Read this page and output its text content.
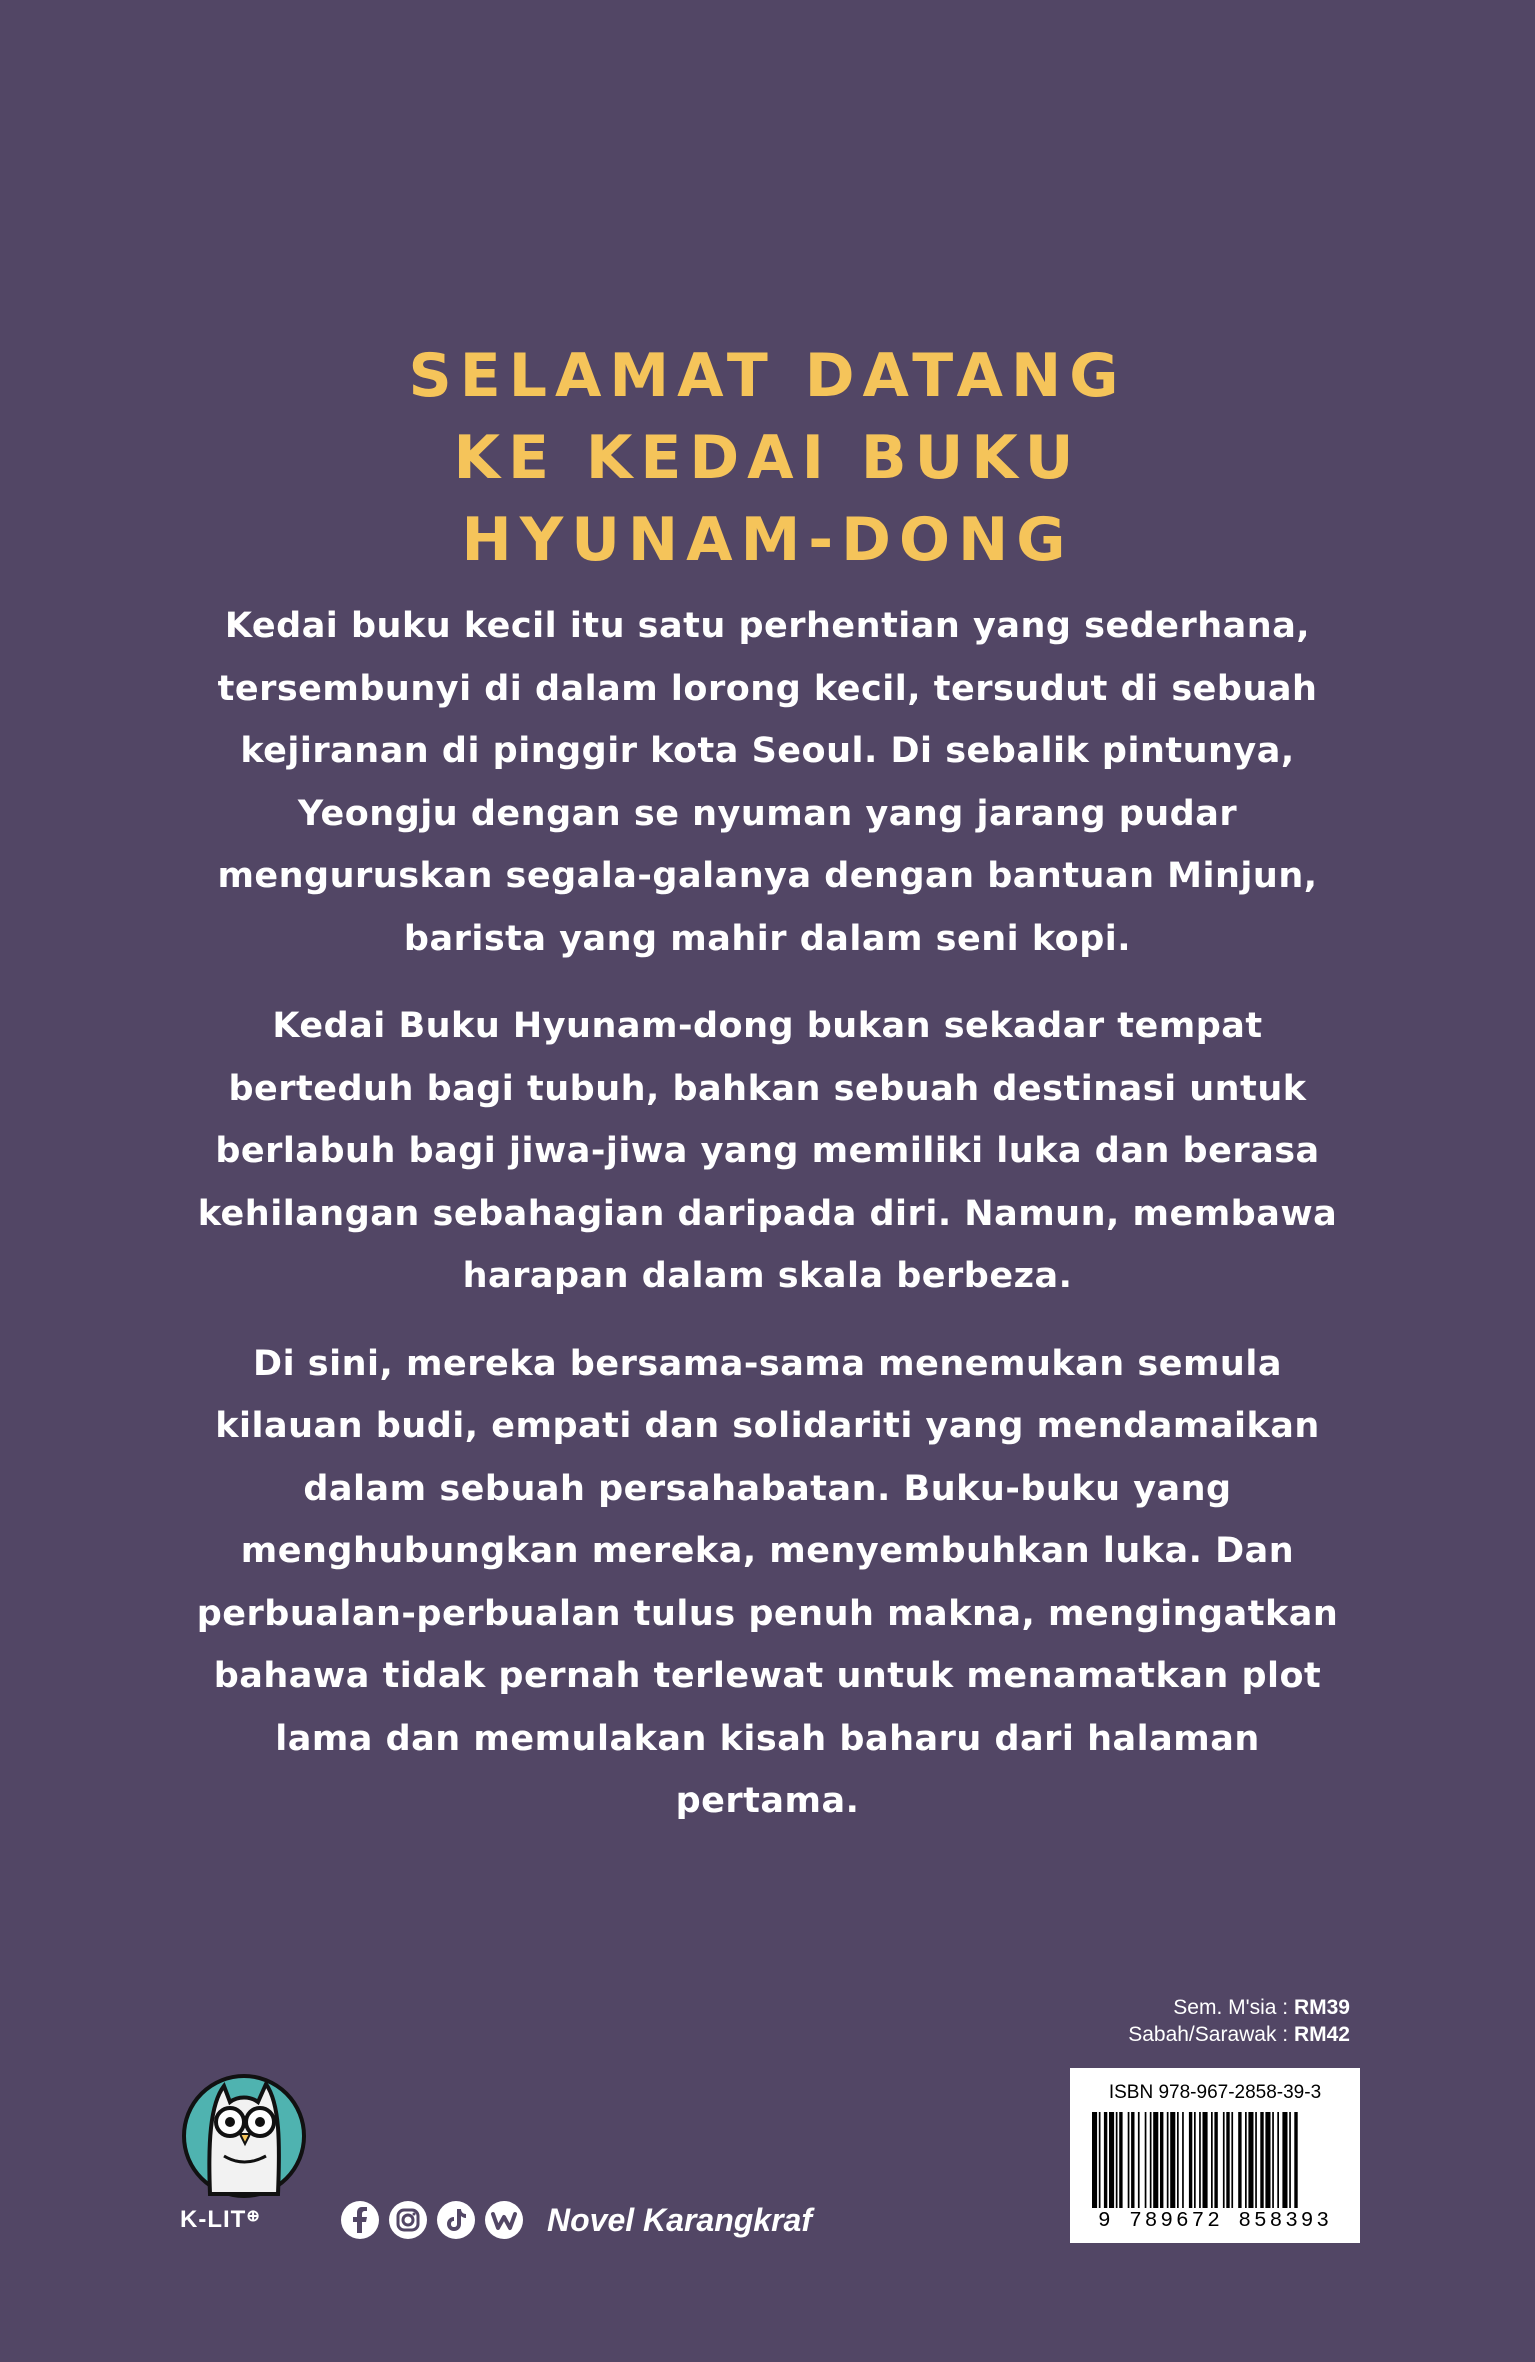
SELAMAT DATANG
KE KEDAI BUKU
HYUNAM-DONG

Kedai buku kecil itu satu perhentian yang sederhana, tersembunyi di dalam lorong kecil, tersudut di sebuah kejiranan di pinggir kota Seoul. Di sebalik pintunya, Yeongju dengan se nyuman yang jarang pudar menguruskan segala-galanya dengan bantuan Minjun, barista yang mahir dalam seni kopi.

Kedai Buku Hyunam-dong bukan sekadar tempat berteduh bagi tubuh, bahkan sebuah destinasi untuk berlabuh bagi jiwa-jiwa yang memiliki luka dan berasa kehilangan sebahagian daripada diri. Namun, membawa harapan dalam skala berbeza.

Di sini, mereka bersama-sama menemukan semula kilauan budi, empati dan solidariti yang mendamaikan dalam sebuah persahabatan. Buku-buku yang menghubungkan mereka, menyembuhkan luka. Dan perbualan-perbualan tulus penuh makna, mengingatkan bahawa tidak pernah terlewat untuk menamatkan plot lama dan memulakan kisah baharu dari halaman pertama.

Sem. M'sia : RM39
Sabah/Sarawak : RM42
ISBN 978-967-2858-39-3
9 789672 858393
K-LIT⊕	Novel Karangkraf
